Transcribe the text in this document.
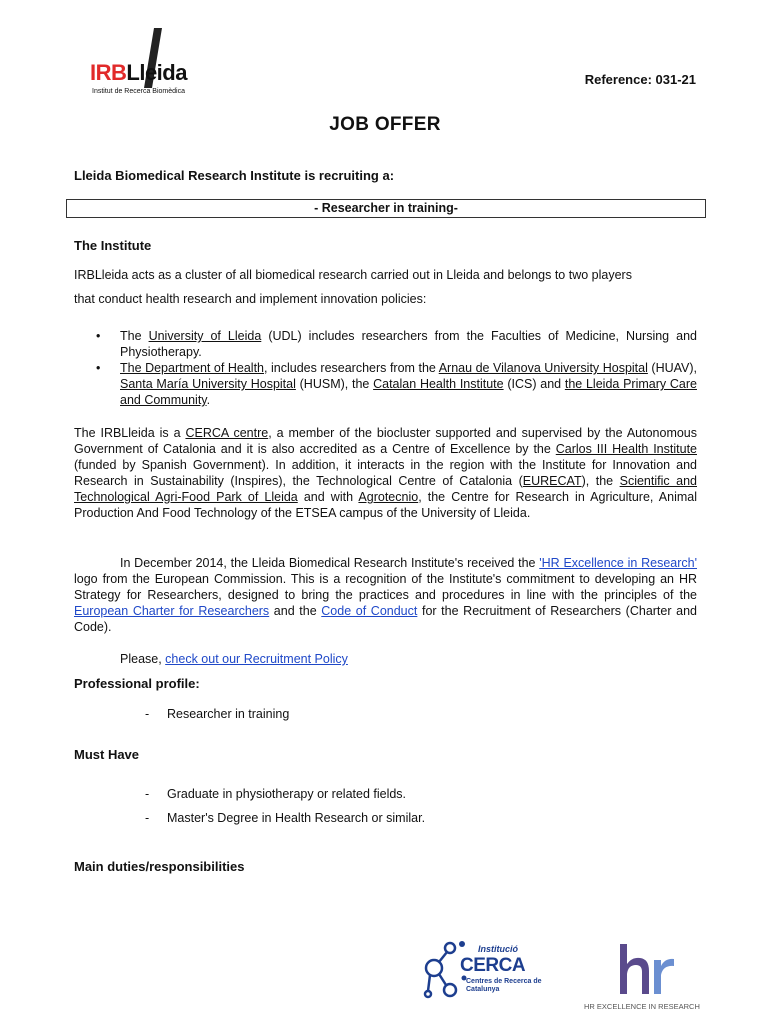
IRBLleida
Institut de Recerca Biomèdica
Reference: 031-21
JOB OFFER
Lleida Biomedical Research Institute is recruiting a:
- Researcher in training-
The Institute
IRBLleida acts as a cluster of all biomedical research carried out in Lleida and belongs to two players
that conduct health research and implement innovation policies:
• The University of Lleida (UDL) includes researchers from the Faculties of Medicine, Nursing and Physiotherapy.
• The Department of Health, includes researchers from the Arnau de Vilanova University Hospital (HUAV), Santa María University Hospital (HUSM), the Catalan Health Institute (ICS) and the Lleida Primary Care and Community.
The IRBLleida is a CERCA centre, a member of the biocluster supported and supervised by the Autonomous Government of Catalonia and it is also accredited as a Centre of Excellence by the Carlos III Health Institute (funded by Spanish Government). In addition, it interacts in the region with the Institute for Innovation and Research in Sustainability (Inspires), the Technological Centre of Catalonia (EURECAT), the Scientific and Technological Agri-Food Park of Lleida and with Agrotecnio, the Centre for Research in Agriculture, Animal Production And Food Technology of the ETSEA campus of the University of Lleida.
In December 2014, the Lleida Biomedical Research Institute's received the 'HR Excellence in Research' logo from the European Commission. This is a recognition of the Institute's commitment to developing an HR Strategy for Researchers, designed to bring the practices and procedures in line with the principles of the European Charter for Researchers and the Code of Conduct for the Recruitment of Researchers (Charter and Code).
Please, check out our Recruitment Policy
Professional profile:
- Researcher in training
Must Have
- Graduate in physiotherapy or related fields.
- Master's Degree in Health Research or similar.
Main duties/responsibilities
Institució
CERCA
Centres de Recerca de Catalunya
HR EXCELLENCE IN RESEARCH
